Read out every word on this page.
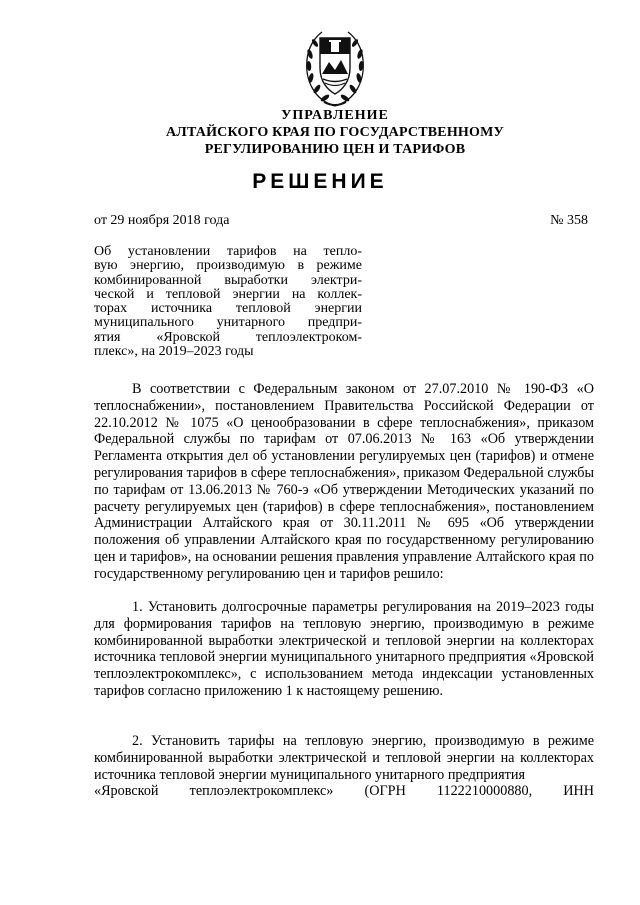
УПРАВЛЕНИЕ
АЛТАЙСКОГО КРАЯ ПО ГОСУДАРСТВЕННОМУ
РЕГУЛИРОВАНИЮ ЦЕН И ТАРИФОВ
РЕШЕНИЕ
от 29 ноября 2018 года	№ 358
Об установлении тарифов на тепло-
вую энергию, производимую в режиме
комбинированной выработки электри-
ческой и тепловой энергии на коллек-
торах источника тепловой энергии
муниципального унитарного предпри-
ятия «Яровской теплоэлектроком-
плекс», на 2019–2023 годы

В соответствии с Федеральным законом от 27.07.2010 № 190-ФЗ «О теплоснабжении», постановлением Правительства Российской Федерации от 22.10.2012 № 1075 «О ценообразовании в сфере теплоснабжения», приказом Федеральной службы по тарифам от 07.06.2013 № 163 «Об утверждении Регламента открытия дел об установлении регулируемых цен (тарифов) и отмене регулирования тарифов в сфере теплоснабжения», приказом Федеральной службы по тарифам от 13.06.2013 № 760-э «Об утверждении Методических указаний по расчету регулируемых цен (тарифов) в сфере теплоснабжения», постановлением Администрации Алтайского края от 30.11.2011 № 695 «Об утверждении положения об управлении Алтайского края по государственному регулированию цен и тарифов», на основании решения правления управление Алтайского края по государственному регулированию цен и тарифов решило:

1. Установить долгосрочные параметры регулирования на 2019–2023 годы для формирования тарифов на тепловую энергию, производимую в режиме комбинированной выработки электрической и тепловой энергии на коллекторах источника тепловой энергии муниципального унитарного предприятия «Яровской теплоэлектрокомплекс», с использованием метода индексации установленных тарифов согласно приложению 1 к настоящему решению.

2. Установить тарифы на тепловую энергию, производимую в режиме комбинированной выработки электрической и тепловой энергии на коллекторах источника тепловой энергии муниципального унитарного предприятия

«Яровской теплоэлектрокомплекс» (ОГРН 1122210000880, ИНН
